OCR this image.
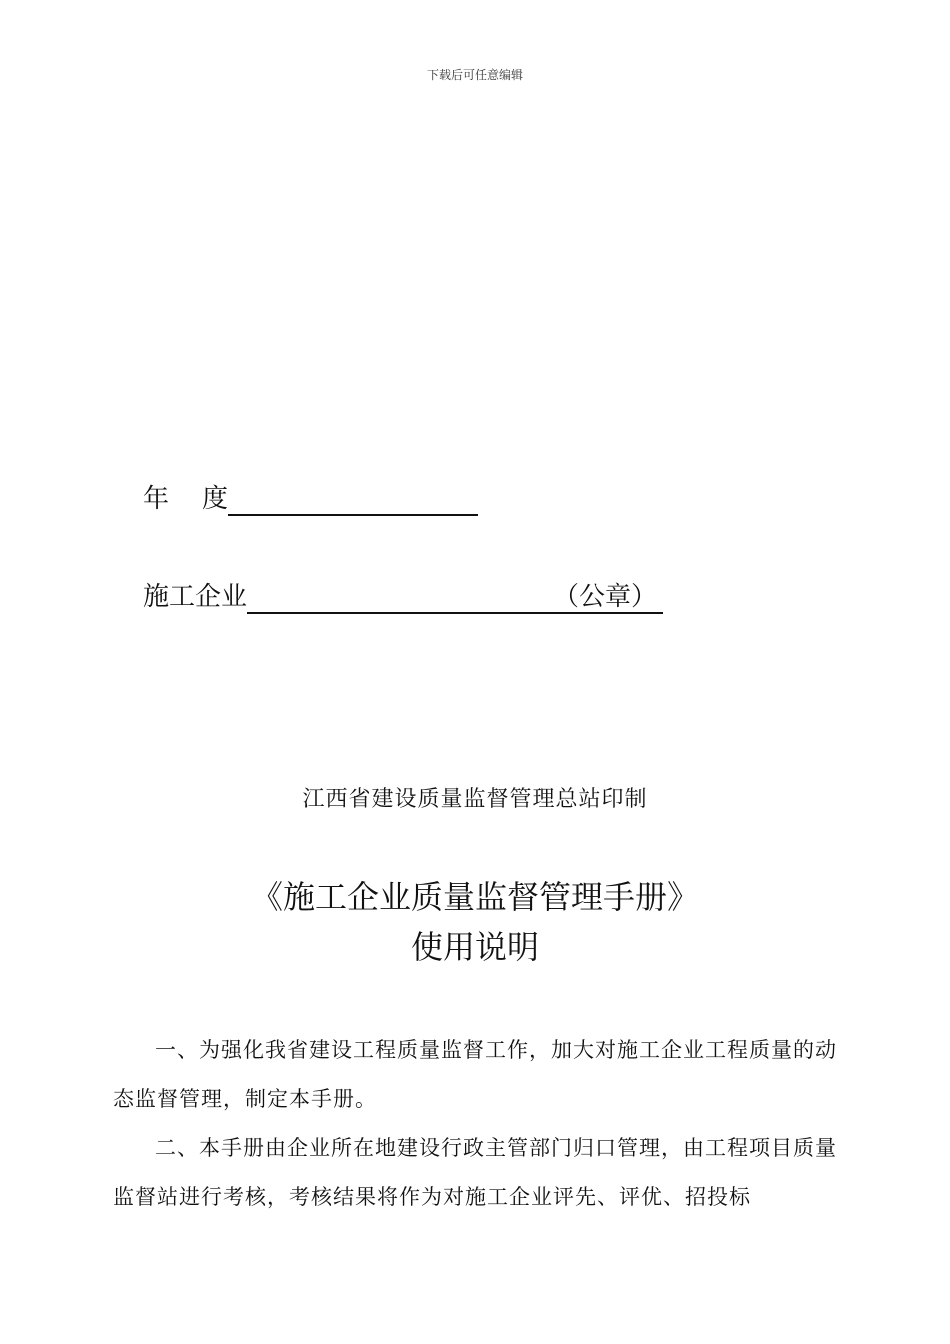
下载后可任意编辑
年    度
施工企业	（公章）
江西省建设质量监督管理总站印制
《施工企业质量监督管理手册》
使用说明

一、为强化我省建设工程质量监督工作，加大对施工企业工程质量的动态监督管理，制定本手册。

二、本手册由企业所在地建设行政主管部门归口管理，由工程项目质量监督站进行考核，考核结果将作为对施工企业评先、评优、招投标
